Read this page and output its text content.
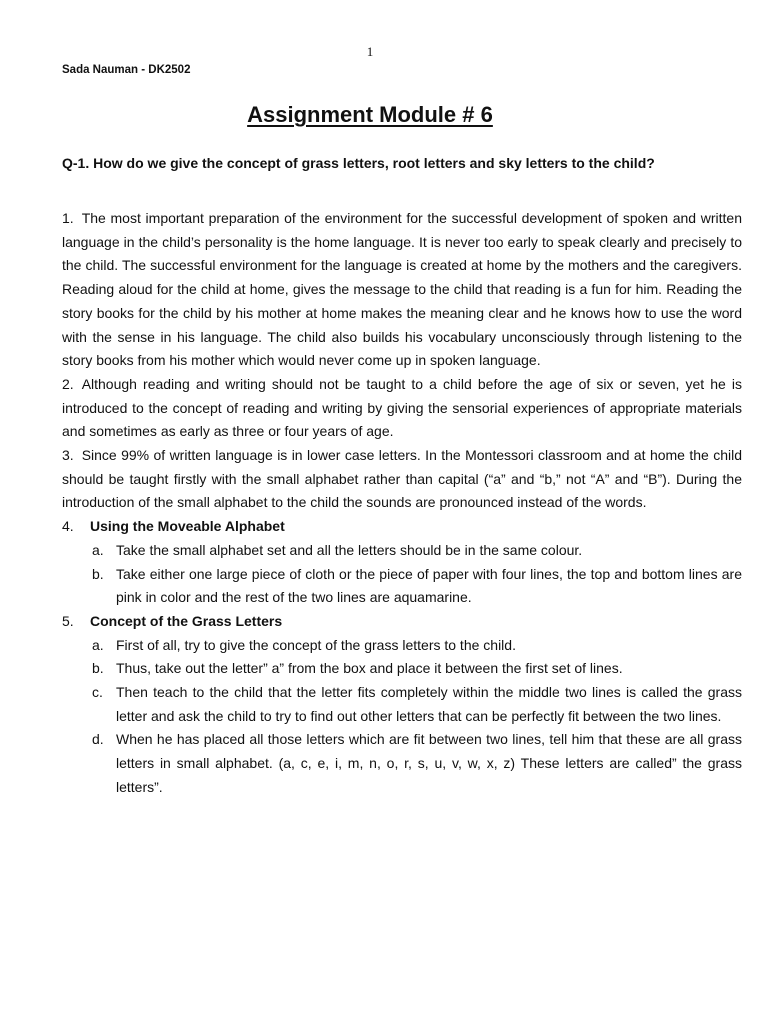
1
Sada Nauman - DK2502
Assignment Module # 6
Q-1. How do we give the concept of grass letters, root letters and sky letters to the child?

1. The most important preparation of the environment for the successful development of spoken and written language in the child’s personality is the home language. It is never too early to speak clearly and precisely to the child. The successful environment for the language is created at home by the mothers and the caregivers. Reading aloud for the child at home, gives the message to the child that reading is a fun for him. Reading the story books for the child by his mother at home makes the meaning clear and he knows how to use the word with the sense in his language. The child also builds his vocabulary unconsciously through listening to the story books from his mother which would never come up in spoken language.

2. Although reading and writing should not be taught to a child before the age of six or seven, yet he is introduced to the concept of reading and writing by giving the sensorial experiences of appropriate materials and sometimes as early as three or four years of age.

3. Since 99% of written language is in lower case letters. In the Montessori classroom and at home the child should be taught firstly with the small alphabet rather than capital (“a” and “b,” not “A” and “B”). During the introduction of the small alphabet to the child the sounds are pronounced instead of the words.

4. Using the Moveable Alphabet

a. Take the small alphabet set and all the letters should be in the same colour.
b. Take either one large piece of cloth or the piece of paper with four lines, the top and bottom lines are pink in color and the rest of the two lines are aquamarine.

5. Concept of the Grass Letters

a. First of all, try to give the concept of the grass letters to the child.
b. Thus, take out the letter” a” from the box and place it between the first set of lines.
c. Then teach to the child that the letter fits completely within the middle two lines is called the grass letter and ask the child to try to find out other letters that can be perfectly fit between the two lines.
d. When he has placed all those letters which are fit between two lines, tell him that these are all grass letters in small alphabet. (a, c, e, i, m, n, o, r, s, u, v, w, x, z) These letters are called” the grass letters”.
